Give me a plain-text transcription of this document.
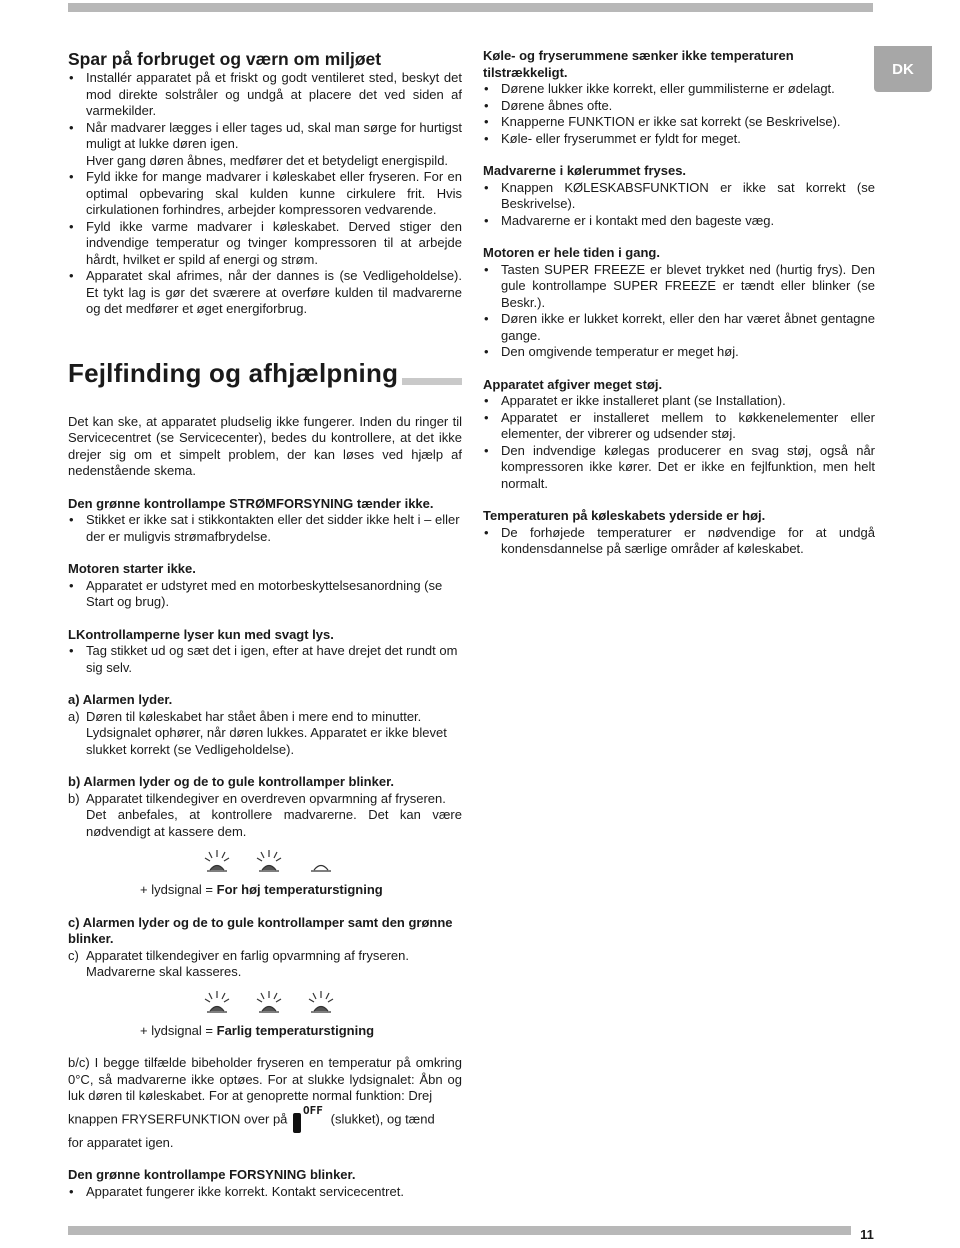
DK
Spar på forbruget og værn om miljøet
• Installér apparatet på et friskt og godt ventileret sted, beskyt det mod direkte solstråler og undgå at placere det ved siden af varmekilder.
• Når madvarer lægges i eller tages ud, skal man sørge for hurtigst muligt at lukke døren igen.

Hver gang døren åbnes, medfører det et betydeligt energispild.

• Fyld ikke for mange madvarer i køleskabet eller fryseren. For en optimal opbevaring skal kulden kunne cirkulere frit. Hvis cirkulationen forhindres, arbejder kompressoren vedvarende.
• Fyld ikke varme madvarer i køleskabet. Derved stiger den indvendige temperatur og tvinger kompressoren til at arbejde hårdt, hvilket er spild af energi og strøm.
• Apparatet skal afrimes, når der dannes is (se Vedligeholdelse). Et tykt lag is gør det sværere at overføre kulden til madvarerne og det medfører et øget energiforbrug.
Fejlfinding og afhjælpning

Det kan ske, at apparatet pludselig ikke fungerer. Inden du ringer til Servicecentret (se Servicecenter), bedes du kontrollere, at det ikke drejer sig om et simpelt problem, der kan løses ved hjælp af nedenstående skema.

Den grønne kontrollampe STRØMFORSYNING tænder ikke.
• Stikket er ikke sat i stikkontakten eller det sidder ikke helt i – eller der er muligvis strømafbrydelse.
Motoren starter ikke.
• Apparatet er udstyret med en motorbeskyttelsesanordning (se Start og brug).
LKontrollamperne lyser kun med svagt lys.
• Tag stikket ud og sæt det i igen, efter at have drejet det rundt om sig selv.
a) Alarmen lyder.

a) Døren til køleskabet har stået åben i mere end to minutter.

Lydsignalet ophører, når døren lukkes. Apparatet er ikke blevet slukket korrekt (se Vedligeholdelse).

b) Alarmen lyder og de to gule kontrollamper blinker.

b) Apparatet tilkendegiver en overdreven opvarmning af fryseren.

Det anbefales, at kontrollere madvarerne. Det kan være nødvendigt at kassere dem.

+ lydsignal = For høj temperaturstigning

c) Alarmen lyder og de to gule kontrollamper samt den grønne blinker.

c) Apparatet tilkendegiver en farlig opvarmning af fryseren.

Madvarerne skal kasseres.

+ lydsignal = Farlig temperaturstigning

b/c) I begge tilfælde bibeholder fryseren en temperatur på omkring 0°C, så madvarerne ikke optøes. For at slukke lydsignalet: Åbn og luk døren til køleskabet. For at genoprette normal funktion: Drej

knappen FRYSERFUNKTION over på
OFF
(slukket), og tænd

for apparatet igen.

Den grønne kontrollampe FORSYNING blinker.
• Apparatet fungerer ikke korrekt. Kontakt servicecentret.
Køle- og fryserummene sænker ikke temperaturen tilstrækkeligt.
• Dørene lukker ikke korrekt, eller gummilisterne er ødelagt.
• Dørene åbnes ofte.
• Knapperne FUNKTION er ikke sat korrekt (se Beskrivelse).
• Køle- eller fryserummet er fyldt for meget.
Madvarerne i kølerummet fryses.
• Knappen KØLESKABSFUNKTION er ikke sat korrekt (se Beskrivelse).
• Madvarerne er i kontakt med den bageste væg.
Motoren er hele tiden i gang.
• Tasten SUPER FREEZE er blevet trykket ned (hurtig frys). Den gule kontrollampe SUPER FREEZE er tændt eller blinker (se Beskr.).
• Døren ikke er lukket korrekt, eller den har været åbnet gentagne gange.
• Den omgivende temperatur er meget høj.
Apparatet afgiver meget støj.
• Apparatet er ikke installeret plant (se Installation).
• Apparatet er installeret mellem to køkkenelementer eller elementer, der vibrerer og udsender støj.
• Den indvendige kølegas producerer en svag støj, også når kompressoren ikke kører. Det er ikke en fejlfunktion, men helt normalt.
Temperaturen på køleskabets yderside er høj.
• De forhøjede temperaturer er nødvendige for at undgå kondensdannelse på særlige områder af køleskabet.
11
